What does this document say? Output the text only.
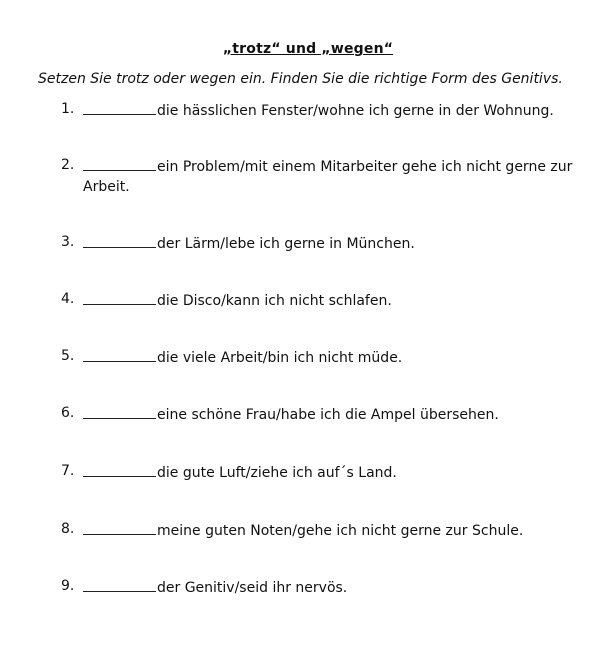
„trotz“ und „wegen“
Setzen Sie trotz oder wegen ein. Finden Sie die richtige Form des Genitivs.
1.	die hässlichen Fenster/wohne ich gerne in der Wohnung.
2.	ein Problem/mit einem Mitarbeiter gehe ich nicht gerne zur Arbeit.
3.	der Lärm/lebe ich gerne in München.
4.	die Disco/kann ich nicht schlafen.
5.	die viele Arbeit/bin ich nicht müde.
6.	eine schöne Frau/habe ich die Ampel übersehen.
7.	die gute Luft/ziehe ich auf´s Land.
8.	meine guten Noten/gehe ich nicht gerne zur Schule.
9.	der Genitiv/seid ihr nervös.
